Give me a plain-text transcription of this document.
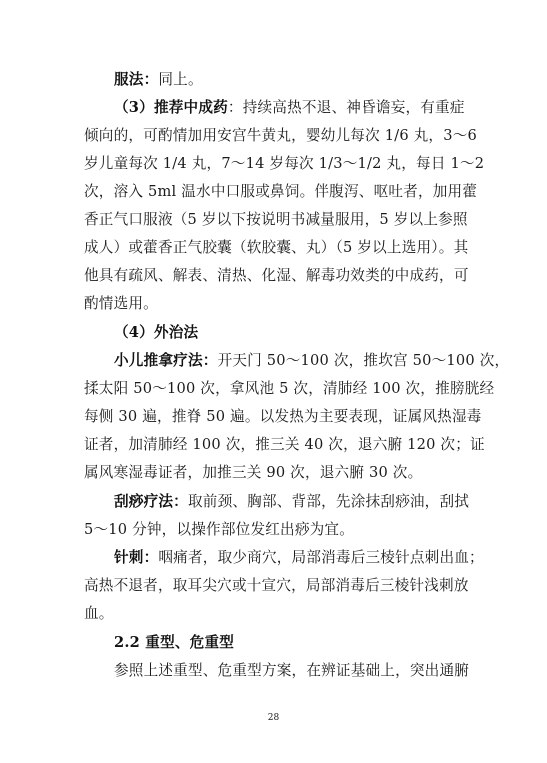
服法：同上。
（3）推荐中成药：持续高热不退、神昏谵妄，有重症
倾向的，可酌情加用安宫牛黄丸，婴幼儿每次 1/6 丸，3～6
岁儿童每次 1/4 丸，7～14 岁每次 1/3～1/2 丸，每日 1～2
次，溶入 5ml 温水中口服或鼻饲。伴腹泻、呕吐者，加用藿
香正气口服液（5 岁以下按说明书减量服用，5 岁以上参照
成人）或藿香正气胶囊（软胶囊、丸）（5 岁以上选用）。其
他具有疏风、解表、清热、化湿、解毒功效类的中成药，可
酌情选用。
（4）外治法
小儿推拿疗法：开天门 50～100 次，推坎宫 50～100 次，
揉太阳 50～100 次，拿风池 5 次，清肺经 100 次，推膀胱经
每侧 30 遍，推脊 50 遍。以发热为主要表现，证属风热湿毒
证者，加清肺经 100 次，推三关 40 次，退六腑 120 次；证
属风寒湿毒证者，加推三关 90 次，退六腑 30 次。
刮痧疗法：取前颈、胸部、背部，先涂抹刮痧油，刮拭
5～10 分钟，以操作部位发红出痧为宜。
针刺：咽痛者，取少商穴，局部消毒后三棱针点刺出血；
高热不退者，取耳尖穴或十宣穴，局部消毒后三棱针浅刺放
血。
2.2 重型、危重型
参照上述重型、危重型方案，在辨证基础上，突出通腑
28
